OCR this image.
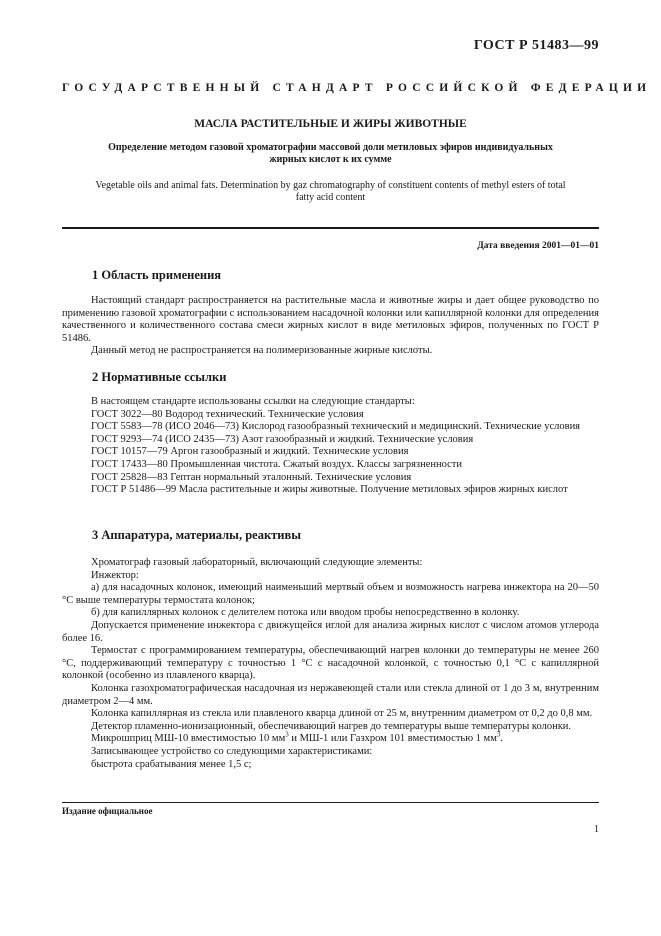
ГОСТ Р 51483—99
ГОСУДАРСТВЕННЫЙ СТАНДАРТ РОССИЙСКОЙ ФЕДЕРАЦИИ
МАСЛА РАСТИТЕЛЬНЫЕ И ЖИРЫ ЖИВОТНЫЕ
Определение методом газовой хроматографии массовой доли метиловых эфиров индивидуальных
жирных кислот к их сумме
Vegetable oils and animal fats. Determination by gaz chromatography of constituent contents of methyl esters of total
fatty acid content
Дата введения 2001—01—01
1 Область применения

Настоящий стандарт распространяется на растительные масла и животные жиры и дает общее руководство по применению газовой хроматографии с использованием насадочной колонки или капиллярной колонки для определения качественного и количественного состава смеси жирных кислот в виде метиловых эфиров, полученных по ГОСТ Р 51486.

Данный метод не распространяется на полимеризованные жирные кислоты.

2 Нормативные ссылки

В настоящем стандарте использованы ссылки на следующие стандарты:

ГОСТ 3022—80 Водород технический. Технические условия

ГОСТ 5583—78 (ИСО 2046—73) Кислород газообразный технический и медицинский. Технические условия

ГОСТ 9293—74 (ИСО 2435—73) Азот газообразный и жидкий. Технические условия

ГОСТ 10157—79 Аргон газообразный и жидкий. Технические условия

ГОСТ 17433—80 Промышленная чистота. Сжатый воздух. Классы загрязненности

ГОСТ 25828—83 Гептан нормальный эталонный. Технические условия

ГОСТ Р 51486—99 Масла растительные и жиры животные. Получение метиловых эфиров жирных кислот

3 Аппаратура, материалы, реактивы

Хроматограф газовый лабораторный, включающий следующие элементы:

Инжектор:

а) для насадочных колонок, имеющий наименьший мертвый объем и возможность нагрева инжектора на 20—50 °С выше температуры термостата колонок;

б) для капиллярных колонок с делителем потока или вводом пробы непосредственно в колонку.

Допускается применение инжектора с движущейся иглой для анализа жирных кислот с числом атомов углерода более 16.

Термостат с программированием температуры, обеспечивающий нагрев колонки до температуры не менее 260 °С, поддерживающий температуру с точностью 1 °С с насадочной колонкой, с точностью 0,1 °С с капиллярной колонкой (особенно из плавленого кварца).

Колонка газохроматографическая насадочная из нержавеющей стали или стекла длиной от 1 до 3 м, внутренним диаметром 2—4 мм.

Колонка капиллярная из стекла или плавленого кварца длиной от 25 м, внутренним диаметром от 0,2 до 0,8 мм.

Детектор пламенно-ионизационный, обеспечивающий нагрев до температуры выше температуры колонки.

Микрошприц МШ-10 вместимостью 10 $мм^3$ и МШ-1 или Газхром 101 вместимостью 1 $мм^3$.

Записывающее устройство со следующими характеристиками:

быстрота срабатывания менее 1,5 с;

Издание официальное
1
